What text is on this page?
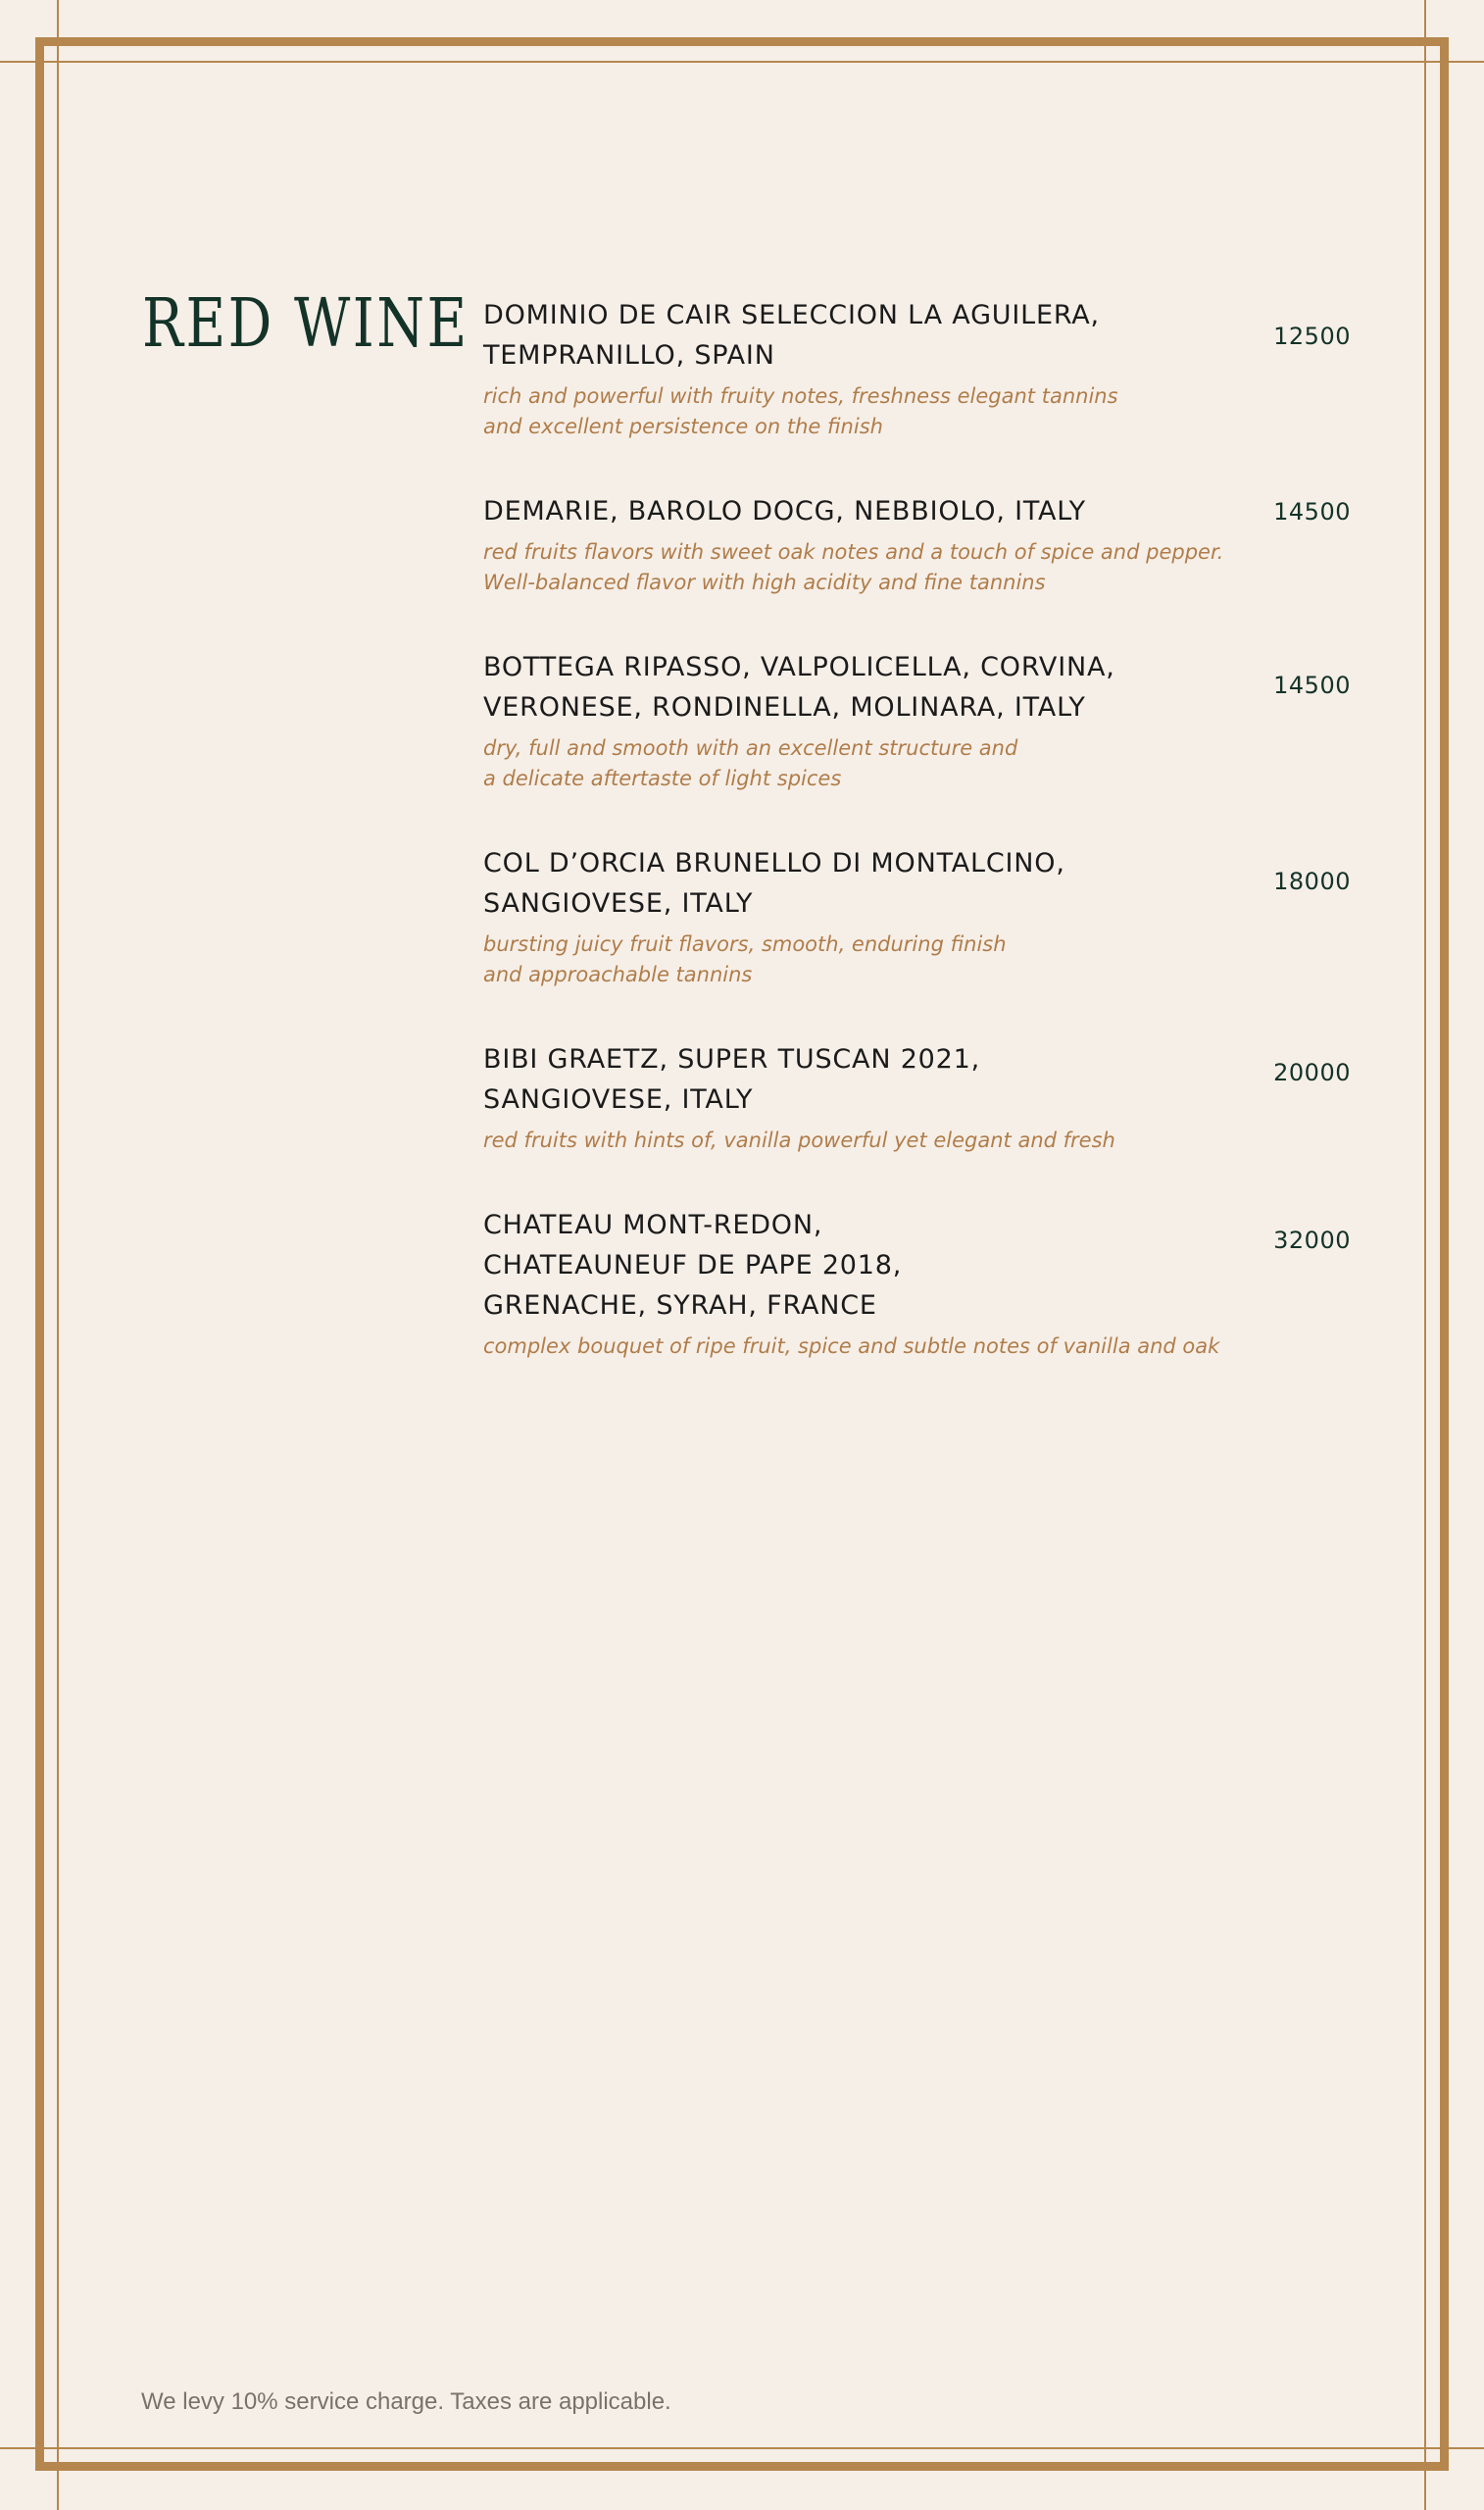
RED WINE	12500
DOMINIO DE CAIR SELECCION LA AGUILERA,
TEMPRANILLO, SPAIN
rich and powerful with fruity notes, freshness elegant tannins
and excellent persistence on the finish
14500
DEMARIE, BAROLO DOCG, NEBBIOLO, ITALY
red fruits flavors with sweet oak notes and a touch of spice and pepper.
Well-balanced flavor with high acidity and fine tannins
14500
BOTTEGA RIPASSO, VALPOLICELLA, CORVINA,
VERONESE, RONDINELLA, MOLINARA, ITALY
dry, full and smooth with an excellent structure and
a delicate aftertaste of light spices
18000
COL D’ORCIA BRUNELLO DI MONTALCINO,
SANGIOVESE, ITALY
bursting juicy fruit flavors, smooth, enduring finish
and approachable tannins
20000
BIBI GRAETZ, SUPER TUSCAN 2021,
SANGIOVESE, ITALY
red fruits with hints of, vanilla powerful yet elegant and fresh
32000
CHATEAU MONT-REDON,
CHATEAUNEUF DE PAPE 2018,
GRENACHE, SYRAH, FRANCE
complex bouquet of ripe fruit, spice and subtle notes of vanilla and oak
We levy 10% service charge. Taxes are applicable.
